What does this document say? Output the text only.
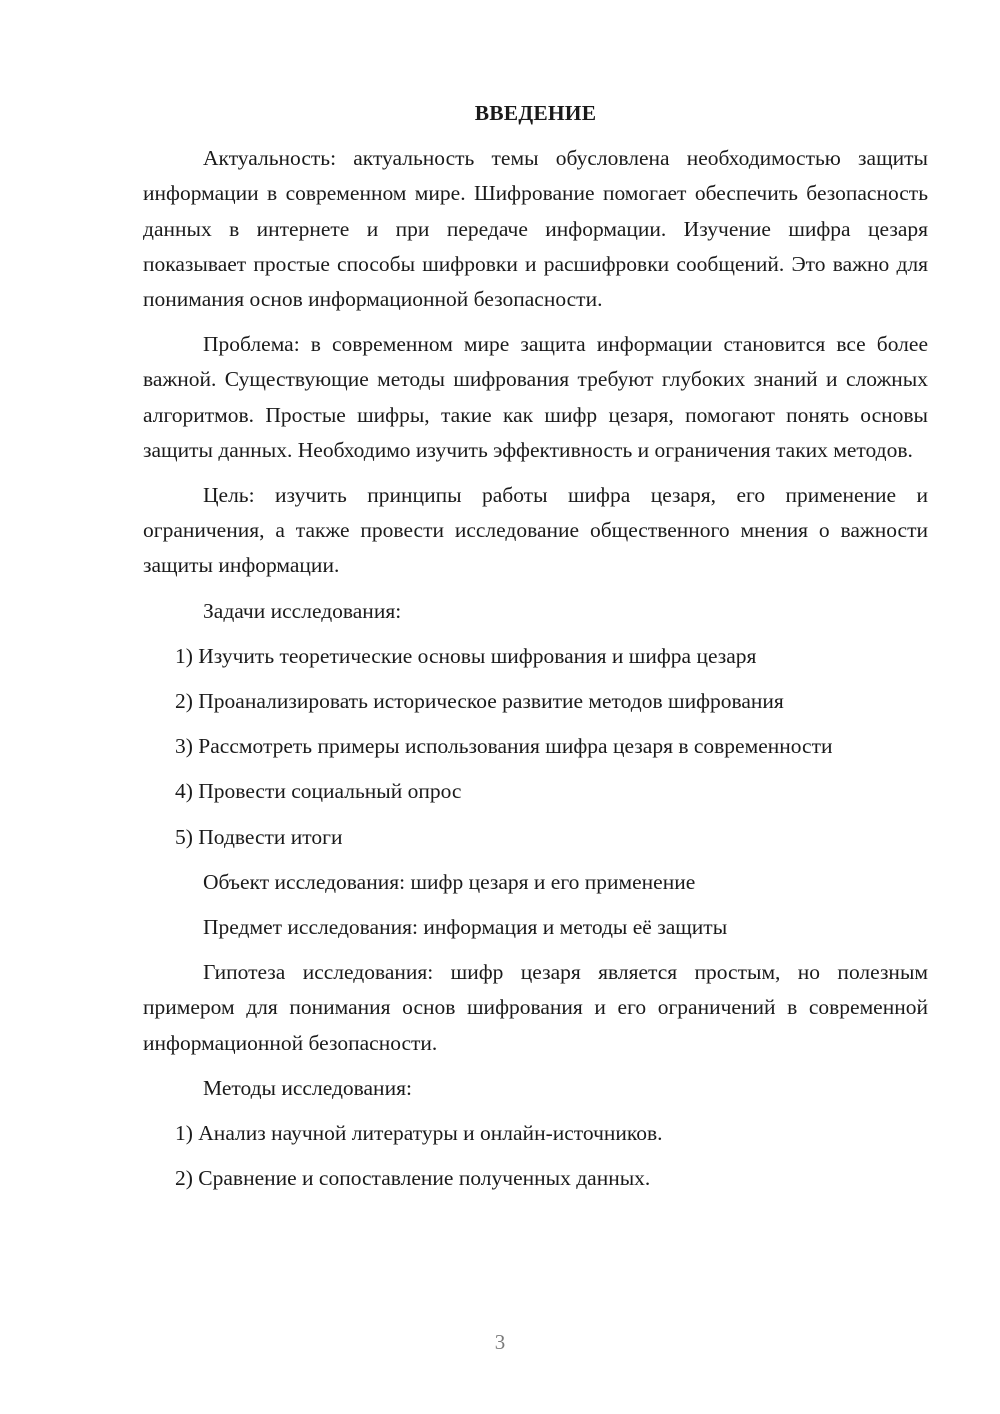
ВВЕДЕНИЕ

Актуальность: актуальность темы обусловлена необходимостью защиты информации в современном мире. Шифрование помогает обеспечить безопасность данных в интернете и при передаче информации. Изучение шифра цезаря показывает простые способы шифровки и расшифровки сообщений. Это важно для понимания основ информационной безопасности.

Проблема: в современном мире защита информации становится все более важной. Существующие методы шифрования требуют глубоких знаний и сложных алгоритмов. Простые шифры, такие как шифр цезаря, помогают понять основы защиты данных. Необходимо изучить эффективность и ограничения таких методов.

Цель: изучить принципы работы шифра цезаря, его применение и ограничения, а также провести исследование общественного мнения о важности защиты информации.

Задачи исследования:

1) Изучить теоретические основы шифрования и шифра цезаря

2) Проанализировать историческое развитие методов шифрования

3) Рассмотреть примеры использования шифра цезаря в современности

4) Провести социальный опрос

5) Подвести итоги

Объект исследования: шифр цезаря и его применение

Предмет исследования: информация и методы её защиты

Гипотеза исследования: шифр цезаря является простым, но полезным примером для понимания основ шифрования и его ограничений в современной информационной безопасности.

Методы исследования:

1) Анализ научной литературы и онлайн-источников.

2) Сравнение и сопоставление полученных данных.

3
